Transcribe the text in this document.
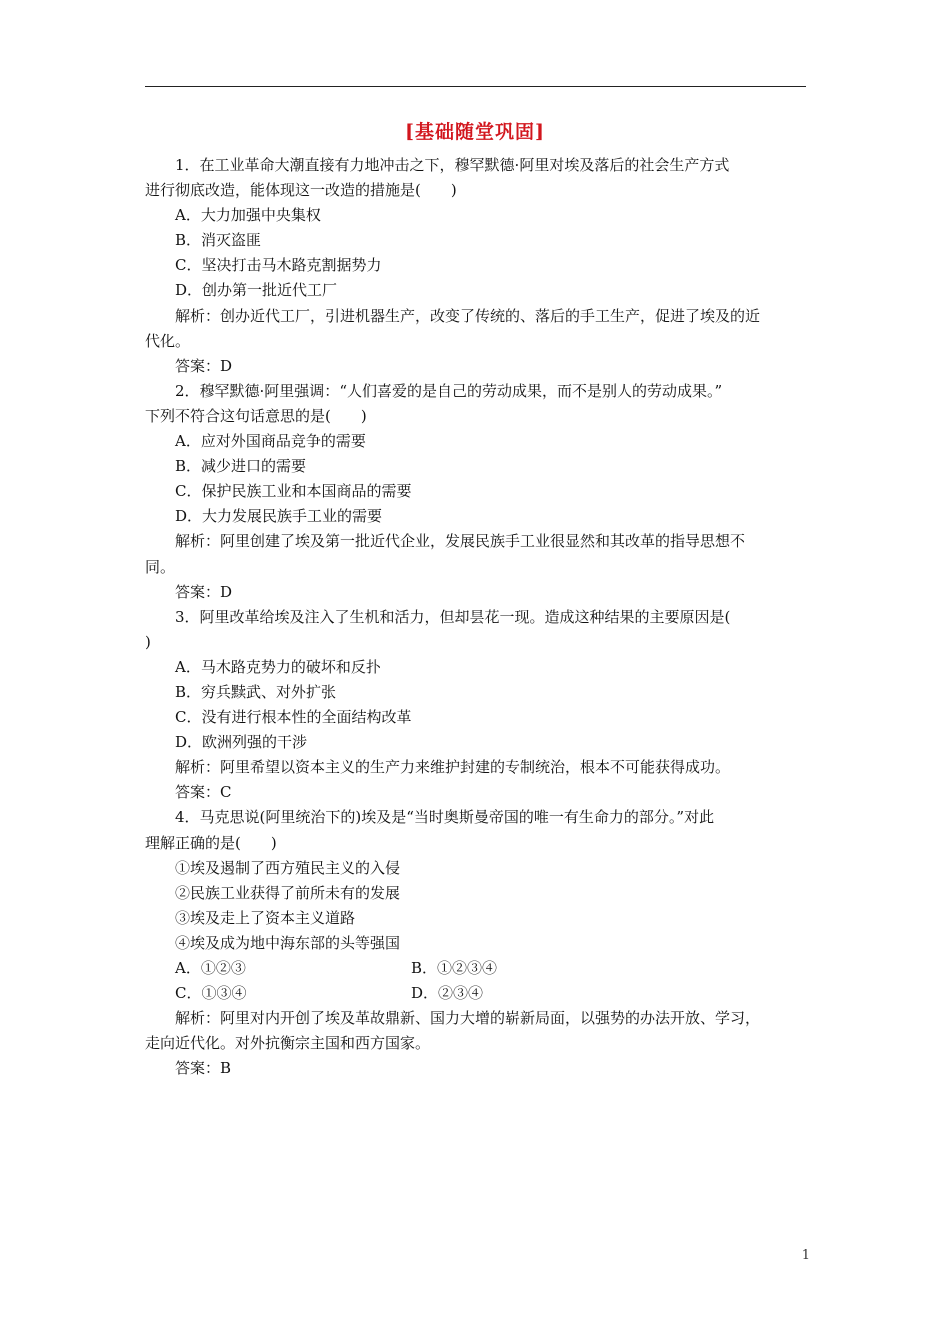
[基础随堂巩固]
1．在工业革命大潮直接有力地冲击之下，穆罕默德·阿里对埃及落后的社会生产方式
进行彻底改造，能体现这一改造的措施是(　　)
A．大力加强中央集权
B．消灭盗匪
C．坚决打击马木路克割据势力
D．创办第一批近代工厂
解析：创办近代工厂，引进机器生产，改变了传统的、落后的手工生产，促进了埃及的近
代化。
答案：D
2．穆罕默德·阿里强调：“人们喜爱的是自己的劳动成果，而不是别人的劳动成果。”
下列不符合这句话意思的是(　　)
A．应对外国商品竞争的需要
B．减少进口的需要
C．保护民族工业和本国商品的需要
D．大力发展民族手工业的需要
解析：阿里创建了埃及第一批近代企业，发展民族手工业很显然和其改革的指导思想不
同。
答案：D
3．阿里改革给埃及注入了生机和活力，但却昙花一现。造成这种结果的主要原因是(
)
A．马木路克势力的破坏和反扑
B．穷兵黩武、对外扩张
C．没有进行根本性的全面结构改革
D．欧洲列强的干涉
解析：阿里希望以资本主义的生产力来维护封建的专制统治，根本不可能获得成功。
答案：C
4．马克思说(阿里统治下的)埃及是“当时奥斯曼帝国的唯一有生命力的部分。”对此
理解正确的是(　　)
①埃及遏制了西方殖民主义的入侵
②民族工业获得了前所未有的发展
③埃及走上了资本主义道路
④埃及成为地中海东部的头等强国
A．①②③	B．①②③④
C．①③④	D．②③④
解析：阿里对内开创了埃及革故鼎新、国力大增的崭新局面，以强势的办法开放、学习，
走向近代化。对外抗衡宗主国和西方国家。
答案：B
1
